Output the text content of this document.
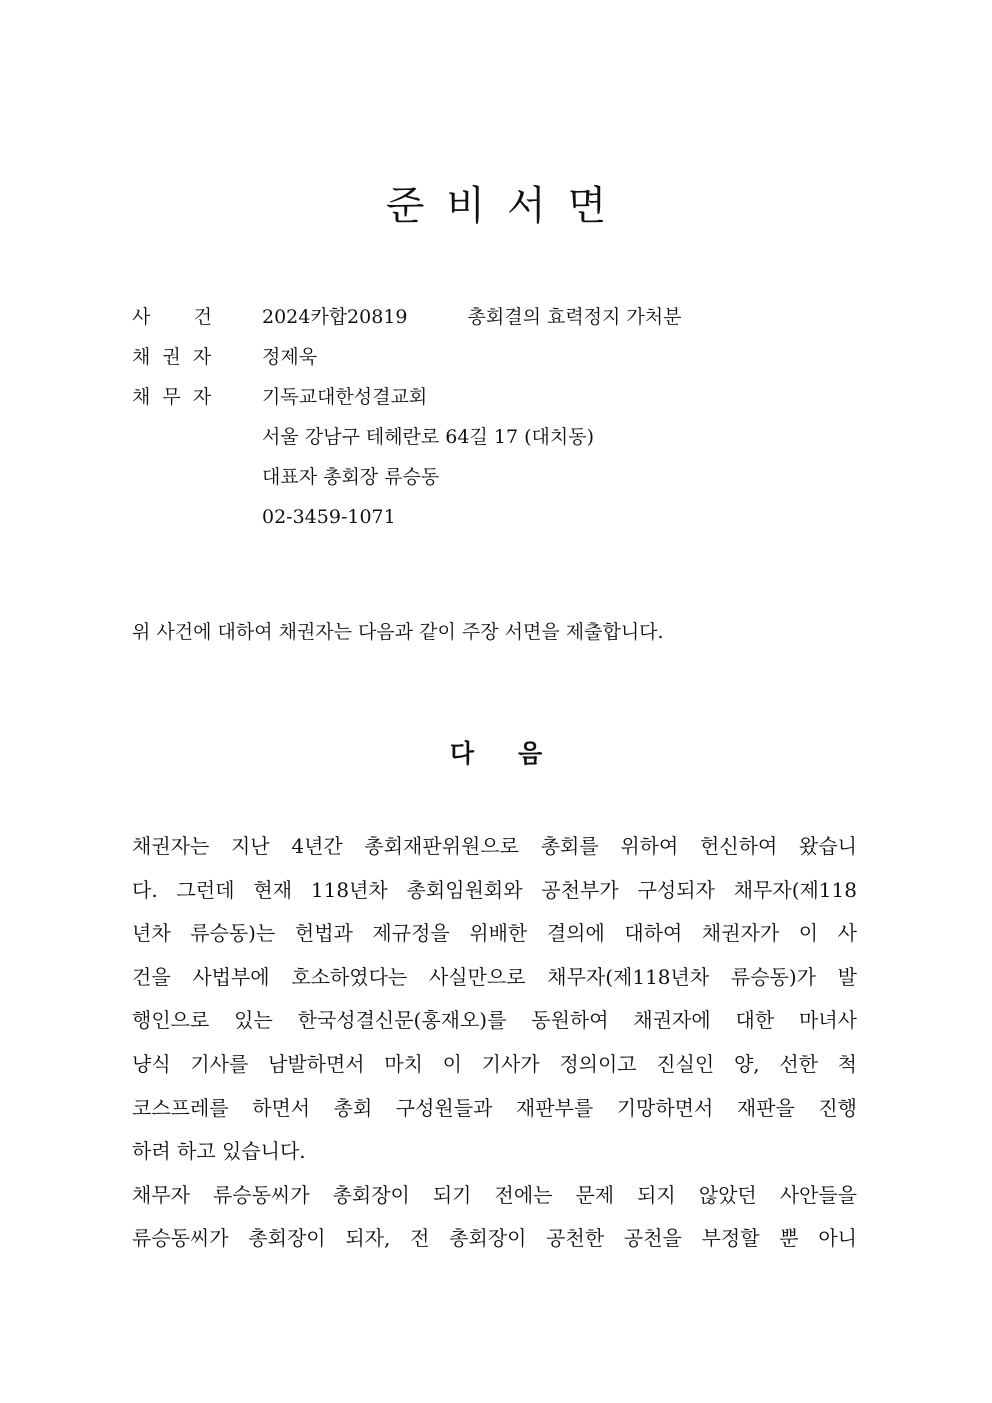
준비서면
사 건	2024카합20819	총회결의 효력정지 가처분
채권자	정제욱
채무자	기독교대한성결교회
서울 강남구 테헤란로 64길 17 (대치동)
대표자 총회장 류승동
02-3459-1071
위 사건에 대하여 채권자는 다음과 같이 주장 서면을 제출합니다.
다 음
채권자는 지난 4년간 총회재판위원으로 총회를 위하여 헌신하여 왔습니
다. 그런데 현재 118년차 총회임원회와 공천부가 구성되자 채무자(제118
년차 류승동)는 헌법과 제규정을 위배한 결의에 대하여 채권자가 이 사
건을 사법부에 호소하였다는 사실만으로 채무자(제118년차 류승동)가 발
행인으로 있는 한국성결신문(홍재오)를 동원하여 채권자에 대한 마녀사
냥식 기사를 남발하면서 마치 이 기사가 정의이고 진실인 양, 선한 척
코스프레를 하면서 총회 구성원들과 재판부를 기망하면서 재판을 진행
하려 하고 있습니다.
채무자 류승동씨가 총회장이 되기 전에는 문제 되지 않았던 사안들을
류승동씨가 총회장이 되자, 전 총회장이 공천한 공천을 부정할 뿐 아니
